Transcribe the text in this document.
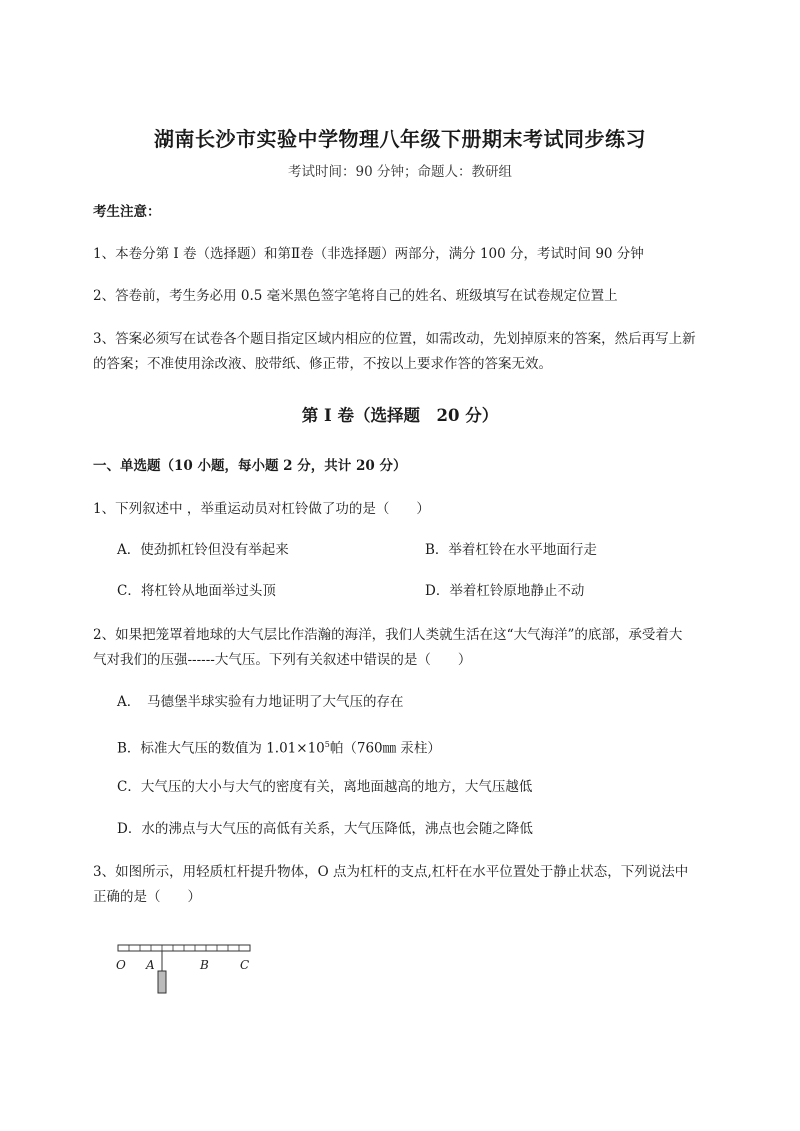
湖南长沙市实验中学物理八年级下册期末考试同步练习
考试时间：90 分钟；命题人：教研组
考生注意：
1、本卷分第 I 卷（选择题）和第Ⅱ卷（非选择题）两部分，满分 100 分，考试时间 90 分钟
2、答卷前，考生务必用 0.5 毫米黑色签字笔将自己的姓名、班级填写在试卷规定位置上
3、答案必须写在试卷各个题目指定区域内相应的位置，如需改动，先划掉原来的答案，然后再写上新
的答案；不准使用涂改液、胶带纸、修正带，不按以上要求作答的答案无效。
第 I 卷（选择题　20 分）
一、单选题（10 小题，每小题 2 分，共计 20 分）
1、下列叙述中 ，举重运动员对杠铃做了功的是（　　）
A．使劲抓杠铃但没有举起来	B．举着杠铃在水平地面行走
C．将杠铃从地面举过头顶	D．举着杠铃原地静止不动
2、如果把笼罩着地球的大气层比作浩瀚的海洋，我们人类就生活在这“大气海洋”的底部，承受着大
气对我们的压强------大气压。下列有关叙述中错误的是（　　）
A．　马德堡半球实验有力地证明了大气压的存在
B．标准大气压的数值为 $1.01\times 10^5$帕（760㎜ 汞柱）
C．大气压的大小与大气的密度有关，离地面越高的地方，大气压越低
D．水的沸点与大气压的高低有关系，大气压降低，沸点也会随之降低
3、如图所示，用轻质杠杆提升物体，O 点为杠杆的支点,杠杆在水平位置处于静止状态，下列说法中
正确的是（　　）
O A	B	C
